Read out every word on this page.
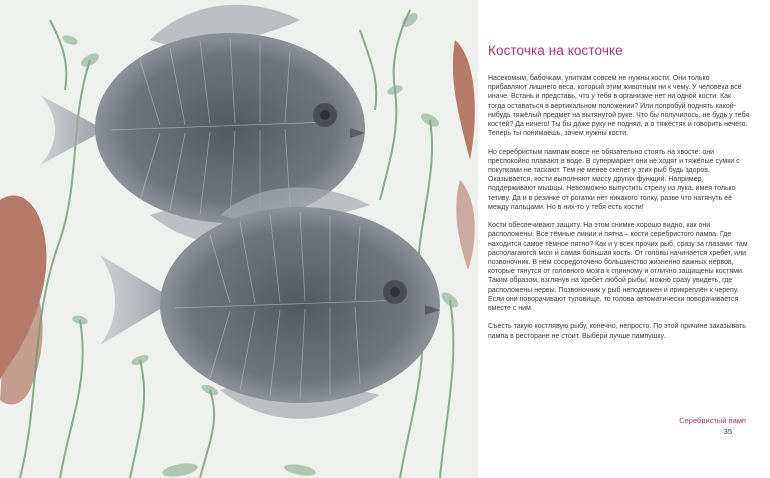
Косточка на косточке

Насекомым, бабочкам, улиткам совсем не нужны кости. Они только прибавляют лишнего веса, который этим животным ни к чему. У человека всё иначе. Встань и представь, что у тебя в организме нет ни одной кости. Как тогда оставаться в вертикальном положении? Или попробуй поднять какой-нибудь тяжёлый предмет на вытянутой руке. Что бы получилось, не будь у тебя костей? Да ничего! Ты бы даже руку не поднял, а о тяжестях и говорить нечего. Теперь ты понимаешь, зачем нужны кости.

Но серебристым пампам вовсе не обязательно стоять на хвосте: они преспокойно плавают в воде. В супермаркет они не ходят и тяжёлые сумки с покупками не таскают. Тем не менее скелет у этих рыб будь здоров. Оказывается, кости выполняют массу других функций. Например, поддерживают мышцы. Невозможно выпустить стрелу из лука, имея только тетиву. Да и в резинке от рогатки нет никакого толку, разве что натянуть её между пальцами. Но в них-то у тебя есть кости!

Кости обеспечивают защиту. На этом снимке хорошо видно, как они расположены. Все тёмные линии и пятна – кости серебристого пампа. Где находится самое тёмное пятно? Как и у всех прочих рыб, сразу за глазами: там располагаются мозг и самая большая кость. От головы начинается хребет, или позвоночник. В нём сосредоточено большинство жизненно важных нервов, которые тянутся от головного мозга к спинному и отлично защищены костями. Таким образом, взглянув на хребет любой рыбы, можно сразу увидеть, где расположены нервы. Позвоночник у рыб неподвижен и прикреплён к черепу. Если они поворачивают туловище, то голова автоматически поворачивается вместе с ним.

Съесть такую костлявую рыбу, конечно, непросто. По этой причине заказывать пампа в ресторане не стоит. Выбери лучше пампушку.

Серебристый памп
35
